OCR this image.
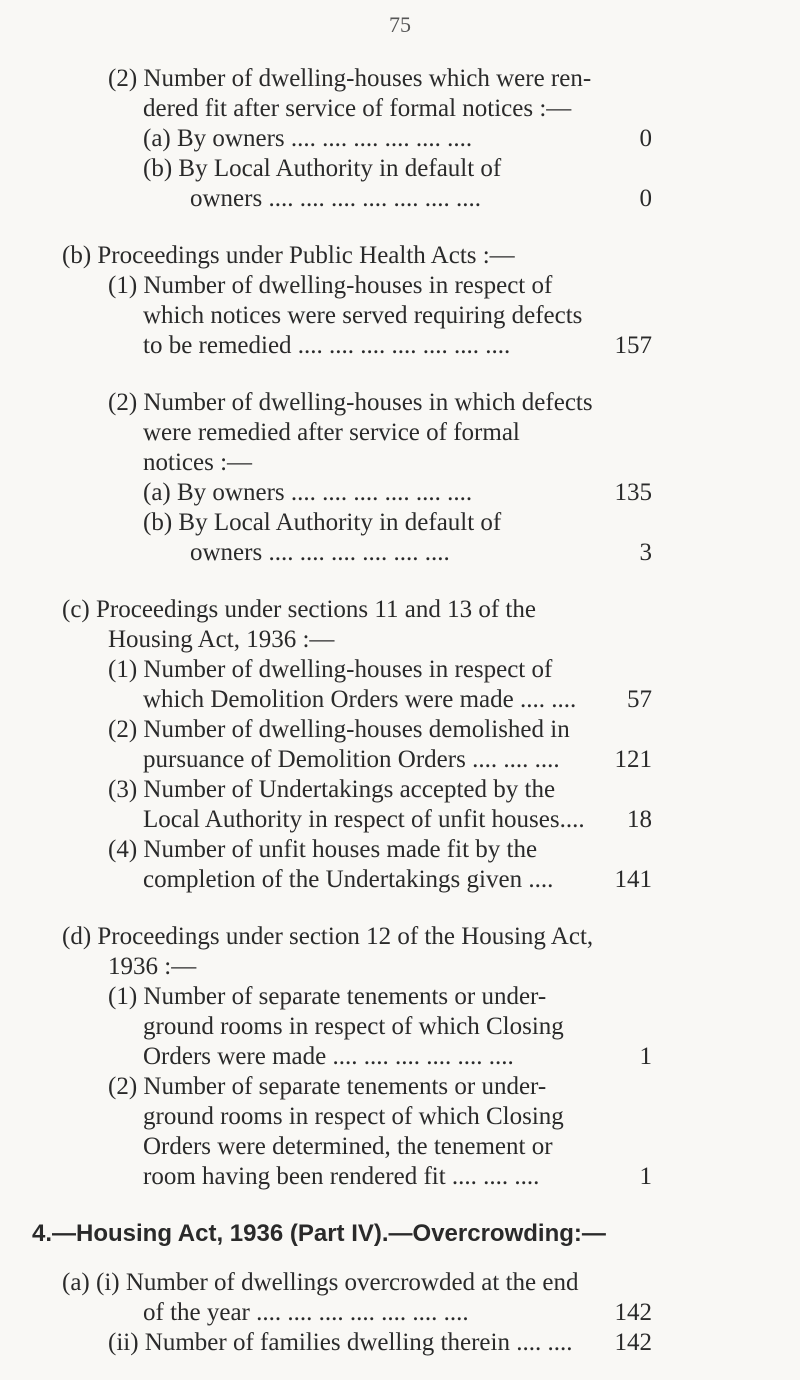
75
(2) Number of dwelling-houses which were ren-
dered fit after service of formal notices :—
(a) By owners .... .... .... .... .... ....
(b) By Local Authority in default of
owners .... .... .... .... .... .... ....
(b) Proceedings under Public Health Acts :—
(1) Number of dwelling-houses in respect of
which notices were served requiring defects
to be remedied .... .... .... .... .... .... ....
(2) Number of dwelling-houses in which defects
were remedied after service of formal
notices :—
(a) By owners .... .... .... .... .... ....
(b) By Local Authority in default of
owners .... .... .... .... .... ....
(c) Proceedings under sections 11 and 13 of the
Housing Act, 1936 :—
(1) Number of dwelling-houses in respect of
which Demolition Orders were made .... ....
(2) Number of dwelling-houses demolished in
pursuance of Demolition Orders .... .... ....
(3) Number of Undertakings accepted by the
Local Authority in respect of unfit houses....
(4) Number of unfit houses made fit by the
completion of the Undertakings given ....
(d) Proceedings under section 12 of the Housing Act,
1936 :—
(1) Number of separate tenements or under-
ground rooms in respect of which Closing
Orders were made .... .... .... .... .... ....
(2) Number of separate tenements or under-
ground rooms in respect of which Closing
Orders were determined, the tenement or
room having been rendered fit .... .... ....
(a) (i) Number of dwellings overcrowded at the end
of the year .... .... .... .... .... .... ....
(ii) Number of families dwelling therein .... ....
4.—Housing Act, 1936 (Part IV).—Overcrowding:—
0
0
157
135
3
57
121
18
141
1
1
142
142
